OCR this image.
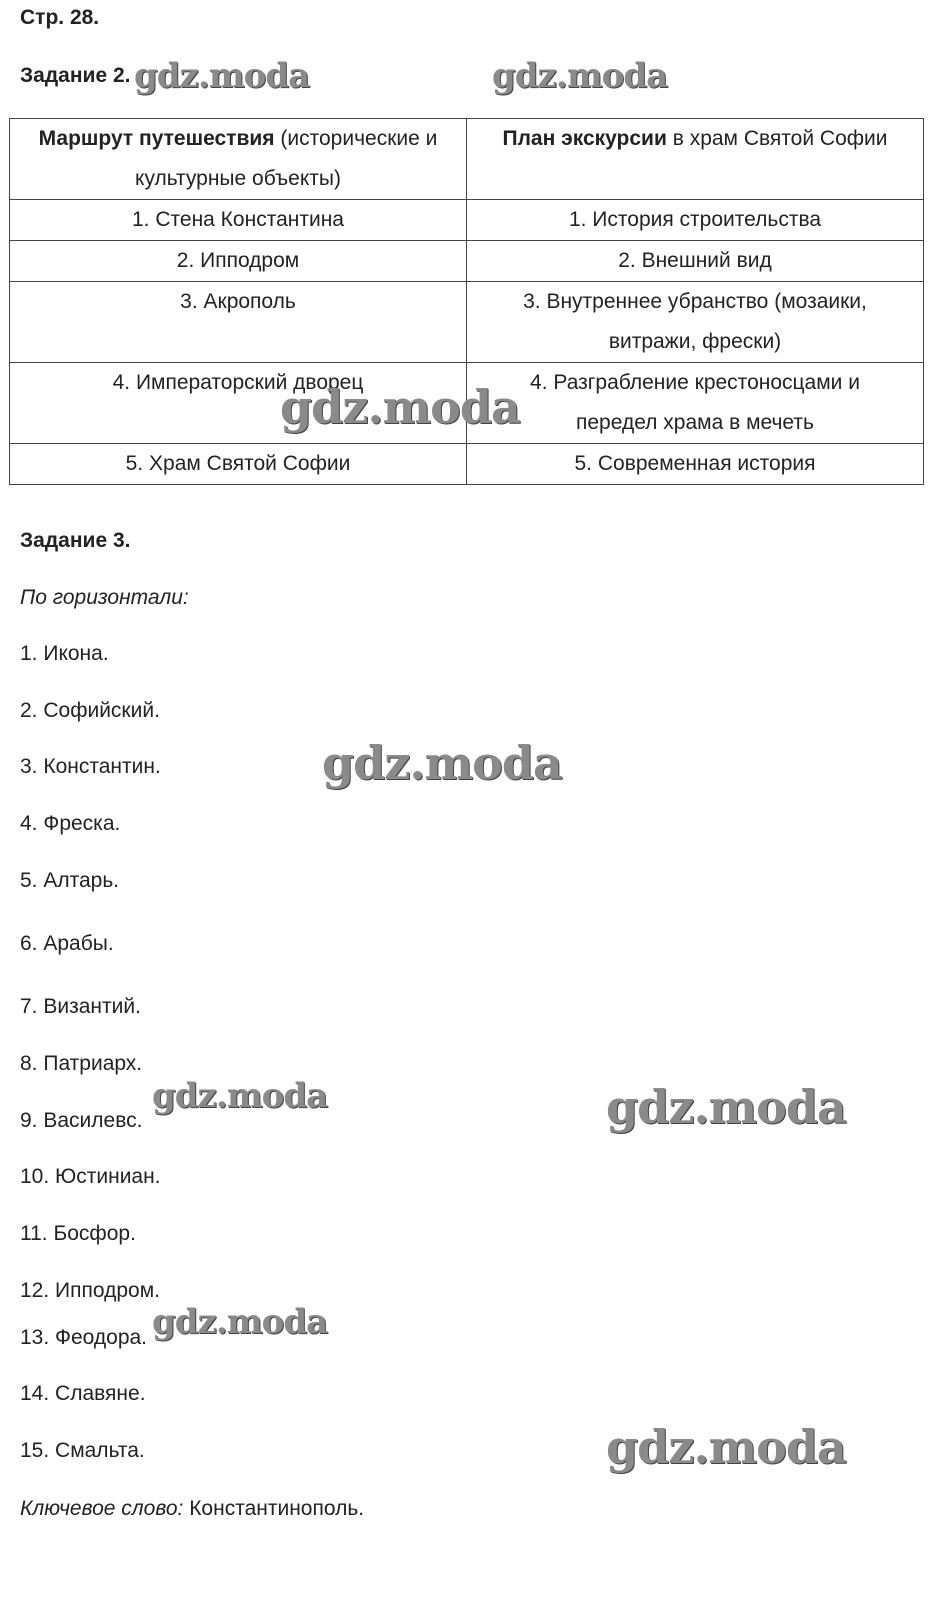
Стр. 28.
Задание 2.
Маршрут путешествия (исторические и
культурные объекты)	План экскурсии в храм Святой Софии
1. Стена Константина	1. История строительства
2. Ипподром	2. Внешний вид
3. Акрополь	3. Внутреннее убранство (мозаики,
витражи, фрески)
4. Императорский дворец	4. Разграбление крестоносцами и
передел храма в мечеть
5. Храм Святой Софии	5. Современная история
Задание 3.
По горизонтали:
1. Икона.
2. Софийский.
3. Константин.
4. Фреска.
5. Алтарь.
6. Арабы.
7. Византий.
8. Патриарх.
9. Василевс.
10. Юстиниан.
11. Босфор.
12. Ипподром.
13. Феодора.
14. Славяне.
15. Смальта.
Ключевое слово: Константинополь.
gdz.moda	gdz.moda
gdz.moda
gdz.moda
gdz.moda	gdz.moda
gdz.moda
gdz.moda
